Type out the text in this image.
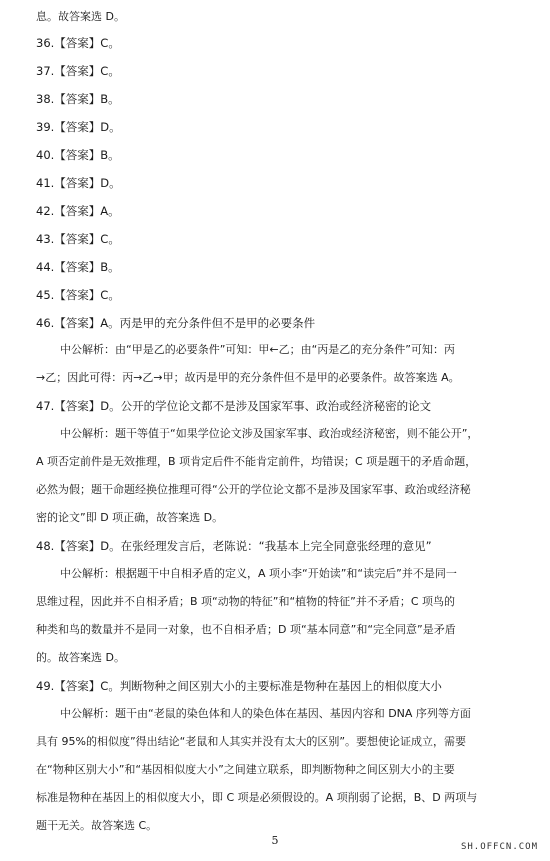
息。故答案选 D。
36.【答案】C。
37.【答案】C。
38.【答案】B。
39.【答案】D。
40.【答案】B。
41.【答案】D。
42.【答案】A。
43.【答案】C。
44.【答案】B。
45.【答案】C。
46.【答案】A。丙是甲的充分条件但不是甲的必要条件
中公解析：由“甲是乙的必要条件”可知：甲←乙；由“丙是乙的充分条件”可知：丙
→乙；因此可得：丙→乙→甲；故丙是甲的充分条件但不是甲的必要条件。故答案选 A。
47.【答案】D。公开的学位论文都不是涉及国家军事、政治或经济秘密的论文
中公解析：题干等值于“如果学位论文涉及国家军事、政治或经济秘密，则不能公开”，
A 项否定前件是无效推理，B 项肯定后件不能肯定前件，均错误；C 项是题干的矛盾命题，
必然为假；题干命题经换位推理可得“公开的学位论文都不是涉及国家军事、政治或经济秘
密的论文”即 D 项正确，故答案选 D。
48.【答案】D。在张经理发言后，老陈说：“我基本上完全同意张经理的意见”
中公解析：根据题干中自相矛盾的定义，A 项小李“开始读”和“读完后”并不是同一
思维过程，因此并不自相矛盾；B 项“动物的特征”和“植物的特征”并不矛盾；C 项鸟的
种类和鸟的数量并不是同一对象，也不自相矛盾；D 项“基本同意”和“完全同意”是矛盾
的。故答案选 D。
49.【答案】C。判断物种之间区别大小的主要标准是物种在基因上的相似度大小
中公解析：题干由“老鼠的染色体和人的染色体在基因、基因内容和 DNA 序列等方面
具有 95%的相似度”得出结论“老鼠和人其实并没有太大的区别”。要想使论证成立，需要
在“物种区别大小”和“基因相似度大小”之间建立联系，即判断物种之间区别大小的主要
标准是物种在基因上的相似度大小，即 C 项是必须假设的。A 项削弱了论据，B、D 两项与
题干无关。故答案选 C。
5	SH.OFFCN.COM
